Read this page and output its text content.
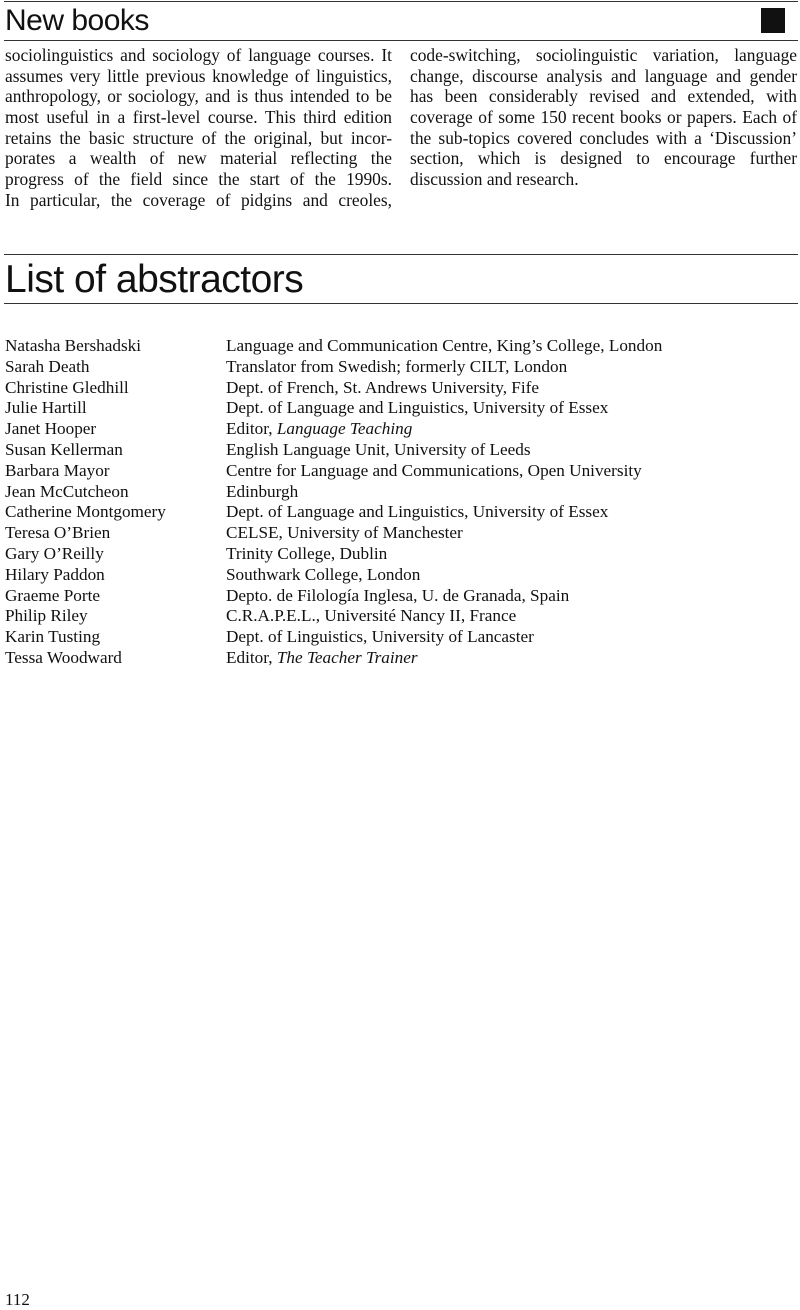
New books
sociolinguistics and sociology of language courses. It
assumes very little previous knowledge of linguistics,
anthropology, or sociology, and is thus intended to be
most useful in a first-level course. This third edition
retains the basic structure of the original, but incor-
porates a wealth of new material reflecting the
progress of the field since the start of the 1990s.
In particular, the coverage of pidgins and creoles,
code-switching, sociolinguistic variation, language
change, discourse analysis and language and gender
has been considerably revised and extended, with
coverage of some 150 recent books or papers. Each of
the sub-topics covered concludes with a ‘Discussion’
section, which is designed to encourage further
discussion and research.
List of abstractors
Natasha Bershadski	Language and Communication Centre, King’s College, London
Sarah Death	Translator from Swedish; formerly CILT, London
Christine Gledhill	Dept. of French, St. Andrews University, Fife
Julie Hartill	Dept. of Language and Linguistics, University of Essex
Janet Hooper	Editor, Language Teaching
Susan Kellerman	English Language Unit, University of Leeds
Barbara Mayor	Centre for Language and Communications, Open University
Jean McCutcheon	Edinburgh
Catherine Montgomery	Dept. of Language and Linguistics, University of Essex
Teresa O’Brien	CELSE, University of Manchester
Gary O’Reilly	Trinity College, Dublin
Hilary Paddon	Southwark College, London
Graeme Porte	Depto. de Filología Inglesa, U. de Granada, Spain
Philip Riley	C.R.A.P.E.L., Université Nancy II, France
Karin Tusting	Dept. of Linguistics, University of Lancaster
Tessa Woodward	Editor, The Teacher Trainer
112
